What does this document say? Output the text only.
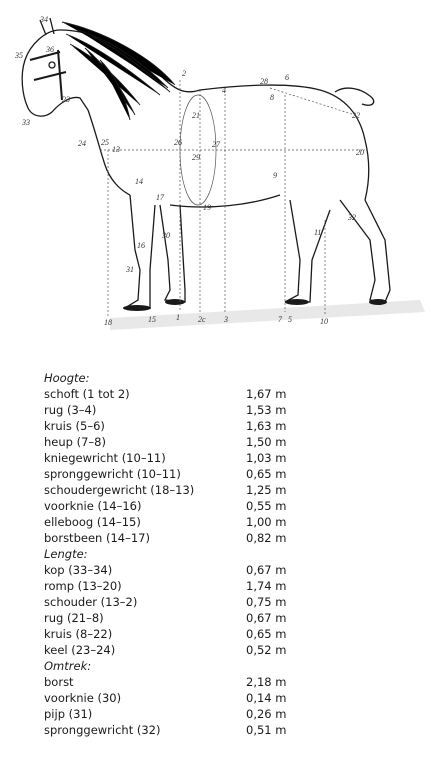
34
35
36
33
23
24 25
13
2
28 6
8
4
21
26	27
29
22
20
9
14
17
19
16
30
31
32
11
18
1 2c 3	7 5	10
15
Hoogte:
schoft (1 tot 2)	1,67 m
rug (3–4)	1,53 m
kruis (5–6)	1,63 m
heup (7–8)	1,50 m
kniegewricht (10–11)	1,03 m
spronggewricht (10–11)	0,65 m
schoudergewricht (18–13)	1,25 m
voorknie (14–16)	0,55 m
elleboog (14–15)	1,00 m
borstbeen (14–17)	0,82 m
Lengte:
kop (33–34)	0,67 m
romp (13–20)	1,74 m
schouder (13–2)	0,75 m
rug (21–8)	0,67 m
kruis (8–22)	0,65 m
keel (23–24)	0,52 m
Omtrek:
borst	2,18 m
voorknie (30)	0,14 m
pijp (31)	0,26 m
spronggewricht (32)	0,51 m
